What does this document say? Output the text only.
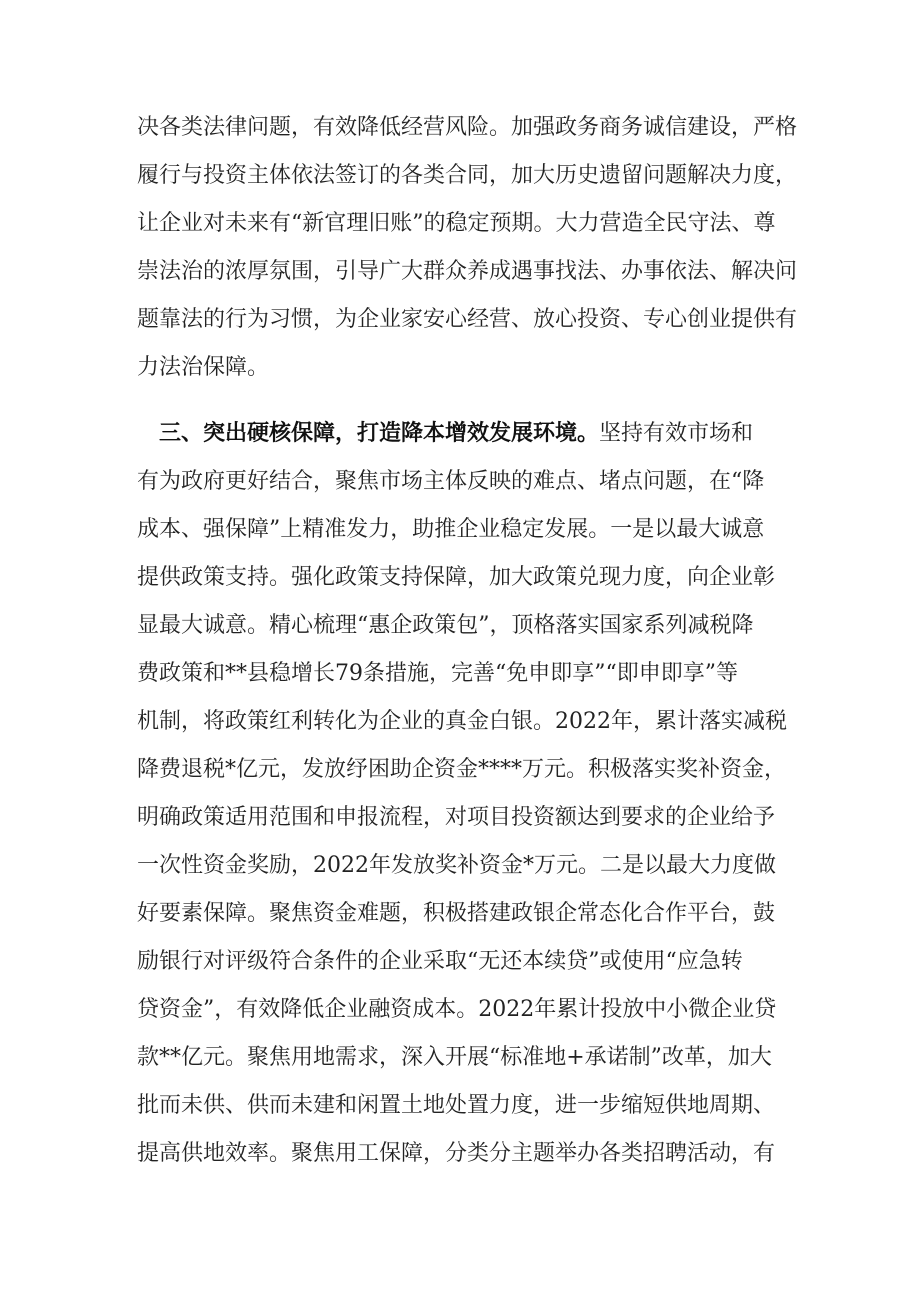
决各类法律问题，有效降低经营风险。加强政务商务诚信建设，严格
履行与投资主体依法签订的各类合同，加大历史遗留问题解决力度，
让企业对未来有“新官理旧账”的稳定预期。大力营造全民守法、尊
崇法治的浓厚氛围，引导广大群众养成遇事找法、办事依法、解决问
题靠法的行为习惯，为企业家安心经营、放心投资、专心创业提供有
力法治保障。
三、突出硬核保障，打造降本增效发展环境。坚持有效市场和
有为政府更好结合，聚焦市场主体反映的难点、堵点问题，在“降
成本、强保障”上精准发力，助推企业稳定发展。一是以最大诚意
提供政策支持。强化政策支持保障，加大政策兑现力度，向企业彰
显最大诚意。精心梳理“惠企政策包”，顶格落实国家系列减税降
费政策和**县稳增长79条措施，完善“免申即享”“即申即享”等
机制，将政策红利转化为企业的真金白银。2022年，累计落实减税
降费退税*亿元，发放纾困助企资金****万元。积极落实奖补资金，
明确政策适用范围和申报流程，对项目投资额达到要求的企业给予
一次性资金奖励，2022年发放奖补资金*万元。二是以最大力度做
好要素保障。聚焦资金难题，积极搭建政银企常态化合作平台，鼓
励银行对评级符合条件的企业采取“无还本续贷”或使用“应急转
贷资金”，有效降低企业融资成本。2022年累计投放中小微企业贷
款**亿元。聚焦用地需求，深入开展“标准地+承诺制”改革，加大
批而未供、供而未建和闲置土地处置力度，进一步缩短供地周期、
提高供地效率。聚焦用工保障，分类分主题举办各类招聘活动，有
